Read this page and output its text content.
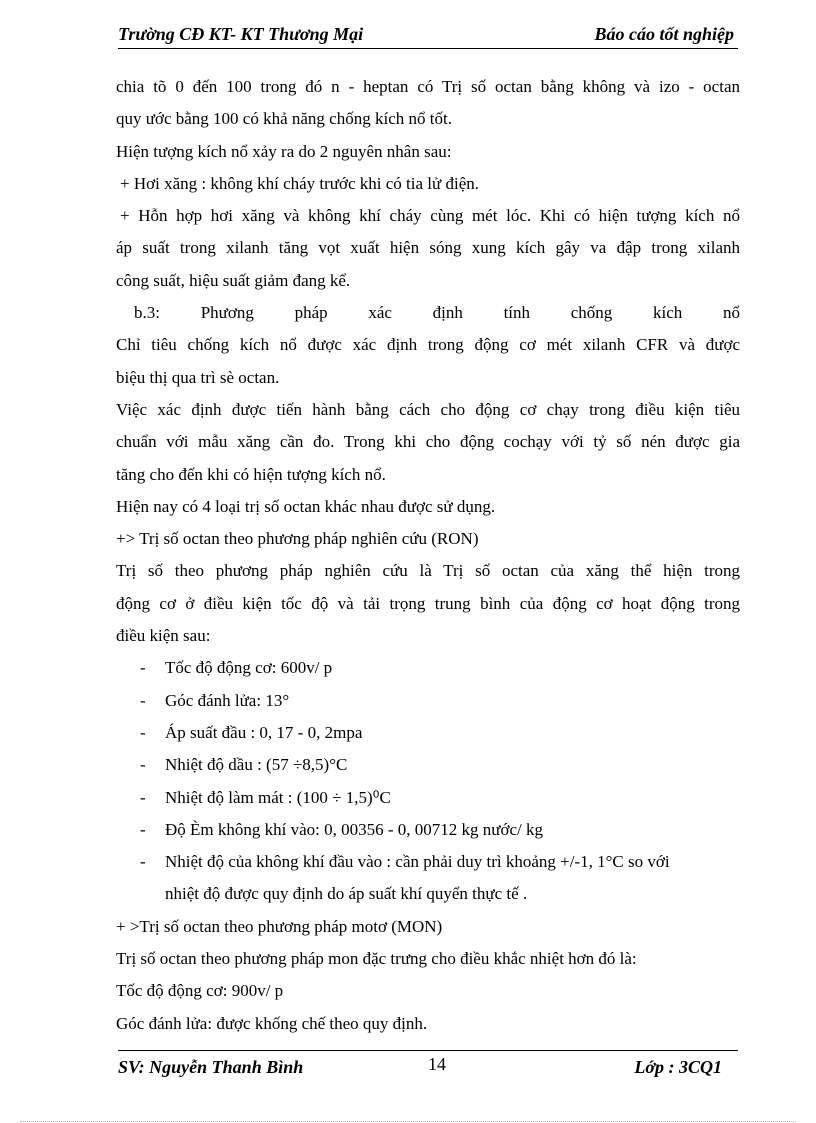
Trường CĐ KT- KT Thương Mại	Báo cáo tốt nghiệp
chia tõ 0 đến 100 trong đó n - heptan có Trị số octan bằng không và izo - octan
quy ước bằng 100 có khả năng chống kích nổ tốt.
Hiện tượng kích nổ xảy ra do 2 nguyên nhân sau:
+ Hơi xăng : không khí cháy trước khi có tia lử điện.
+ Hỗn hợp hơi xăng và không khí cháy cùng mét lóc. Khi có hiện tượng kích nổ
áp suất trong xilanh tăng vọt xuất hiện sóng xung kích gây va đập trong xilanh
công suất, hiệu suất giảm đang kể.
b.3: Phương pháp xác định tính chống kích nổ
Chỉ tiêu chống kích nổ được xác định trong động cơ mét xilanh CFR và được
biệu thị qua trì sè octan.
Việc xác định được tiến hành bằng cách cho động cơ chạy trong điều kiện tiêu
chuẩn với mẫu xăng cần đo. Trong khi cho động cochạy với tỷ số nén được gia
tăng cho đến khi có hiện tượng kích nổ.
Hiện nay có 4 loại trị số octan khác nhau được sử dụng.
+> Trị số octan theo phương pháp nghiên cứu (RON)
Trị số theo phương pháp nghiên cứu là Trị số octan của xăng thể hiện trong
động cơ ở điều kiện tốc độ và tải trọng trung bình của động cơ hoạt động trong
điều kiện sau:
- Tốc độ động cơ: 600v/ p
- Góc đánh lửa: 13°
- Áp suất đầu : 0, 17 - 0, 2mpa
- Nhiệt độ dầu : (57 ÷8,5)°C
- Nhiệt độ làm mát : (100 ÷ 1,5)⁰C
- Độ Èm không khí vào: 0, 00356 - 0, 00712 kg nước/ kg
- Nhiệt độ của không khí đầu vào : cần phải duy trì khoảng +/-1, 1°C so với
nhiệt độ được quy định do áp suất khí quyển thực tế .
+ >Trị số octan theo phương pháp motơ (MON)
Trị số octan theo phương pháp mon đặc trưng cho điều khắc nhiệt hơn đó là:
Tốc độ động cơ: 900v/ p
Góc đánh lửa: được khống chế theo quy định.
SV: Nguyễn Thanh Bình	14	Lớp : 3CQ1
